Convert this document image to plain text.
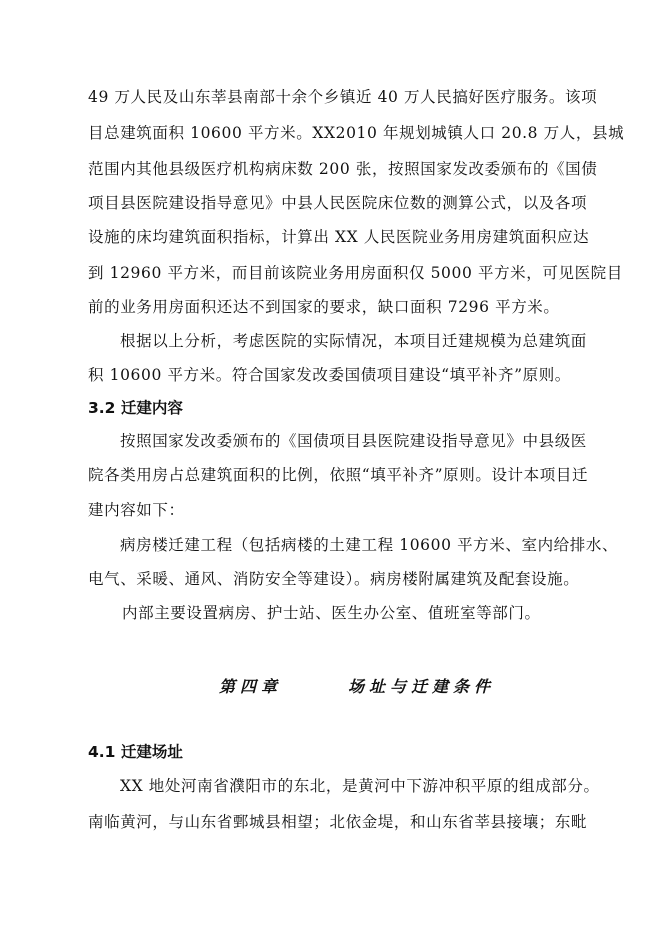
49 万人民及山东莘县南部十余个乡镇近 40 万人民搞好医疗服务。该项
目总建筑面积 10600 平方米。XX2010 年规划城镇人口 20.8 万人，县城
范围内其他县级医疗机构病床数 200 张，按照国家发改委颁布的《国债
项目县医院建设指导意见》中县人民医院床位数的测算公式，以及各项
设施的床均建筑面积指标，计算出 XX 人民医院业务用房建筑面积应达
到 12960 平方米，而目前该院业务用房面积仅 5000 平方米，可见医院目
前的业务用房面积还达不到国家的要求，缺口面积 7296 平方米。
根据以上分析，考虑医院的实际情况，本项目迁建规模为总建筑面
积 10600 平方米。符合国家发改委国债项目建设“填平补齐”原则。
3.2 迁建内容
按照国家发改委颁布的《国债项目县医院建设指导意见》中县级医
院各类用房占总建筑面积的比例，依照“填平补齐”原则。设计本项目迁
建内容如下：
病房楼迁建工程（包括病楼的土建工程 10600 平方米、室内给排水、
电气、采暖、通风、消防安全等建设）。病房楼附属建筑及配套设施。
内部主要设置病房、护士站、医生办公室、值班室等部门。
第四章	场址与迁建条件
4.1 迁建场址
XX 地处河南省濮阳市的东北，是黄河中下游冲积平原的组成部分。
南临黄河，与山东省鄄城县相望；北依金堤，和山东省莘县接壤；东毗
